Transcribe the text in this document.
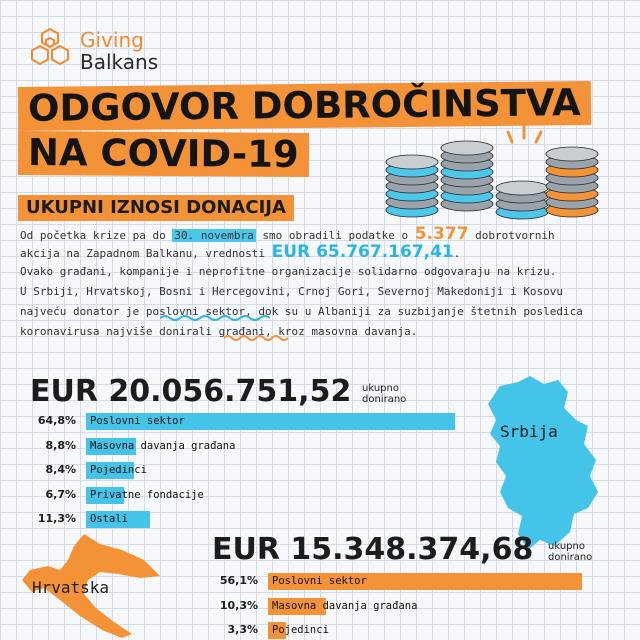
Giving
Balkans
ODGOVOR DOBROČINSTVA
NA COVID-19
UKUPNI IZNOSI DONACIJA
Od početka krize pa do 30. novembra smo obradili podatke o 5.377 dobrotvornih
akcija na Zapadnom Balkanu, vrednosti EUR 65.767.167,41.
Ovako građani, kompanije i neprofitne organizacije solidarno odgovaraju na krizu.
U Srbiji, Hrvatskoj, Bosni i Hercegovini, Crnoj Gori, Severnoj Makedoniji i Kosovu
najveću donator je poslovni sektor, dok su u Albaniji za suzbijanje štetnih posledica
koronavirusa najviše donirali građani, kroz masovna davanja.
Srbija
Hrvatska
EUR 20.056.751,52 ukupno
donirano
64,8% Poslovni sektor
8,8% Masovna davanja građana
8,4% Pojedinci
6,7% Privatne fondacije
11,3% Ostali
EUR 15.348.374,68 ukupno
donirano
56,1% Poslovni sektor
10,3% Masovna davanja građana
3,3% Pojedinci
